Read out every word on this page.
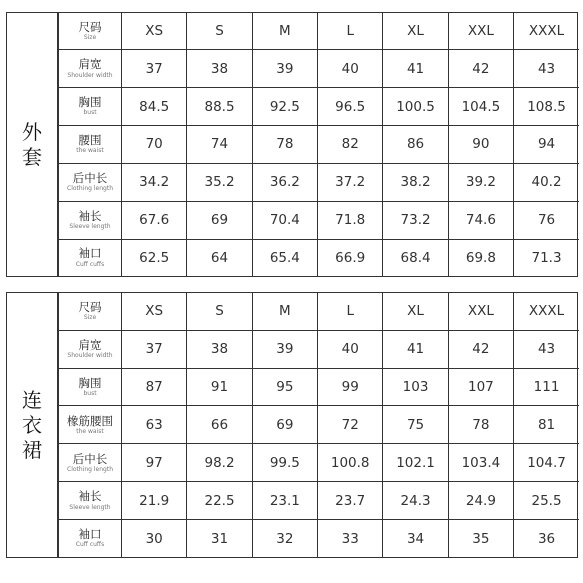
外
套
尺码
Size	XS	S	M	L	XL	XXL	XXXL

肩宽
Shoulder width	37	38	39	40	41	42	43

胸围
bust	84.5	88.5	92.5	96.5	100.5	104.5	108.5

腰围
the waist	70	74	78	82	86	90	94

后中长
Clothing length	34.2	35.2	36.2	37.2	38.2	39.2	40.2

袖长
Sleeve length	67.6	69	70.4	71.8	73.2	74.6	76

袖口
Cuff cuffs	62.5	64	65.4	66.9	68.4	69.8	71.3
连
衣
裙
尺码
Size	XS	S	M	L	XL	XXL	XXXL

肩宽
Shoulder width	37	38	39	40	41	42	43

胸围
bust	87	91	95	99	103	107	111

橡筋腰围
the waist	63	66	69	72	75	78	81

后中长
Clothing length	97	98.2	99.5	100.8	102.1	103.4	104.7

袖长
Sleeve length	21.9	22.5	23.1	23.7	24.3	24.9	25.5

袖口
Cuff cuffs	30	31	32	33	34	35	36
